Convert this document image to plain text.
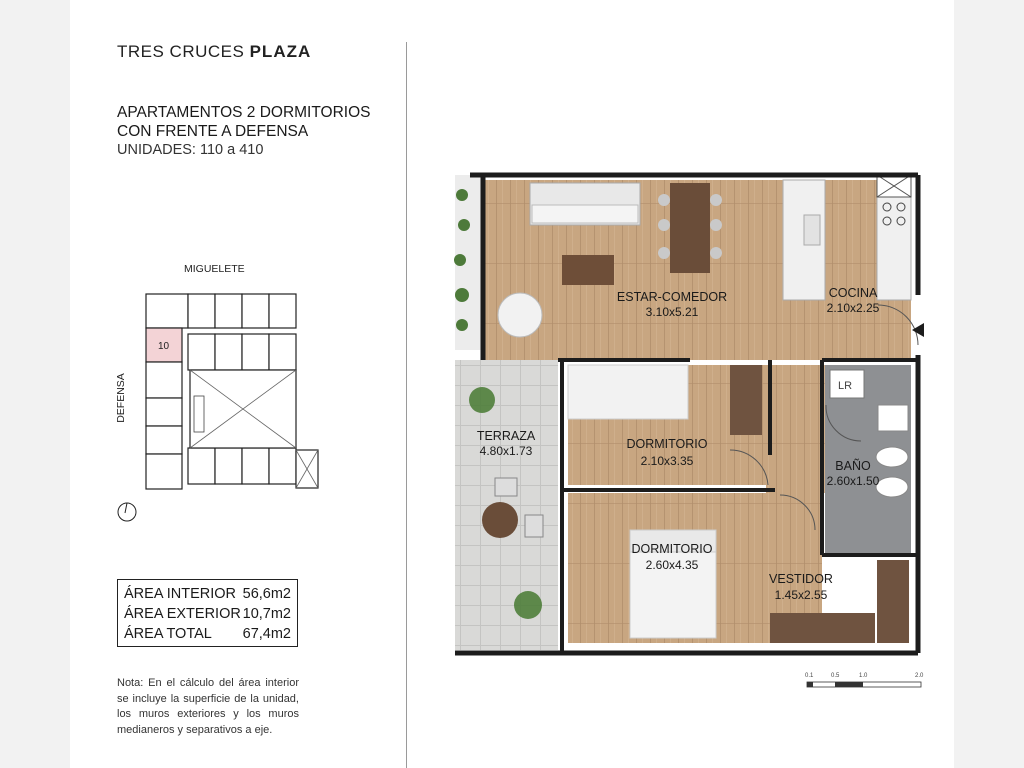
TRES CRUCES PLAZA
APARTAMENTOS 2 DORMITORIOS
CON FRENTE A DEFENSA
UNIDADES: 110 a 410
MIGUELETE
DEFENSA
10
ÁREA INTERIOR 56,6m2
ÁREA EXTERIOR 10,7m2
ÁREA TOTAL 67,4m2
Nota: En el cálculo del área interior se incluye la superficie de la unidad, los muros exteriores y los muros medianeros y separativos a eje.
LR
ESTAR-COMEDOR
3.10x5.21
COCINA
2.10x2.25
TERRAZA
4.80x1.73	DORMITORIO
2.10x3.35	BAÑO
2.60x1.50
DORMITORIO
2.60x4.35
VESTIDOR
1.45x2.55
0.1	0.5	1.0	2.0
